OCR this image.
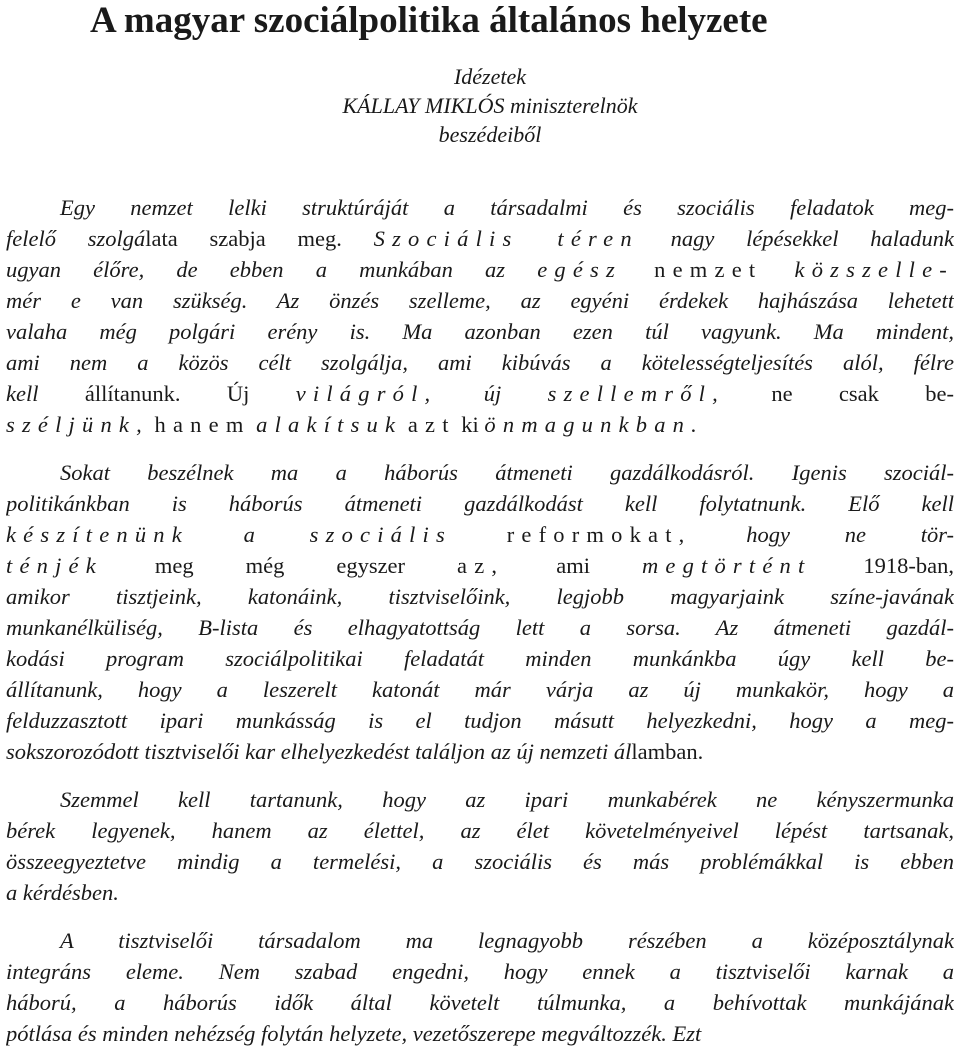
A magyar szociálpolitika általános helyzete
Idézetek
KÁLLAY MIKLÓS miniszterelnök
beszédeiből
Egy nemzet lelki struktúráját a társadalmi és szociális feladatok meg-
felelő szolgálata szabja meg. Szociális téren nagy lépésekkel haladunk
ugyan élőre, de ebben a munkában az egész nemzet közszelle-
mér e van szükség. Az önzés szelleme, az egyéni érdekek hajhászása lehetett
valaha még polgári erény is. Ma azonban ezen túl vagyunk. Ma mindent,
ami nem a közös célt szolgálja, ami kibúvás a kötelességteljesítés alól, félre
kell állítanunk. Új világról, új szellemről, ne csak be-
széljünk, hanem alakítsuk azt ki önmagunkban.
Sokat beszélnek ma a háborús átmeneti gazdálkodásról. Igenis szociál-
politikánkban is háborús átmeneti gazdálkodást kell folytatnunk. Elő kell
készítenünk a szociális reformokat, hogy ne tör-
ténjék meg még egyszer az, ami megtörtént 1918-ban,
amikor tisztjeink, katonáink, tisztviselőink, legjobb magyarjaink színe-javának
munkanélküliség, B-lista és elhagyatottság lett a sorsa. Az átmeneti gazdál-
kodási program szociálpolitikai feladatát minden munkánkba úgy kell be-
állítanunk, hogy a leszerelt katonát már várja az új munkakör, hogy a
felduzzasztott ipari munkásság is el tudjon másutt helyezkedni, hogy a meg-
sokszorozódott tisztviselői kar elhelyezkedést találjon az új nemzeti államban.
Szemmel kell tartanunk, hogy az ipari munkabérek ne kényszermunka
bérek legyenek, hanem az élettel, az élet követelményeivel lépést tartsanak,
összeegyeztetve mindig a termelési, a szociális és más problémákkal is ebben
a kérdésben.
A tisztviselői társadalom ma legnagyobb részében a középosztálynak
integráns eleme. Nem szabad engedni, hogy ennek a tisztviselői karnak a
háború, a háborús idők által követelt túlmunka, a behívottak munkájának
pótlása és minden nehézség folytán helyzete, vezetőszerepe megváltozzék. Ezt
